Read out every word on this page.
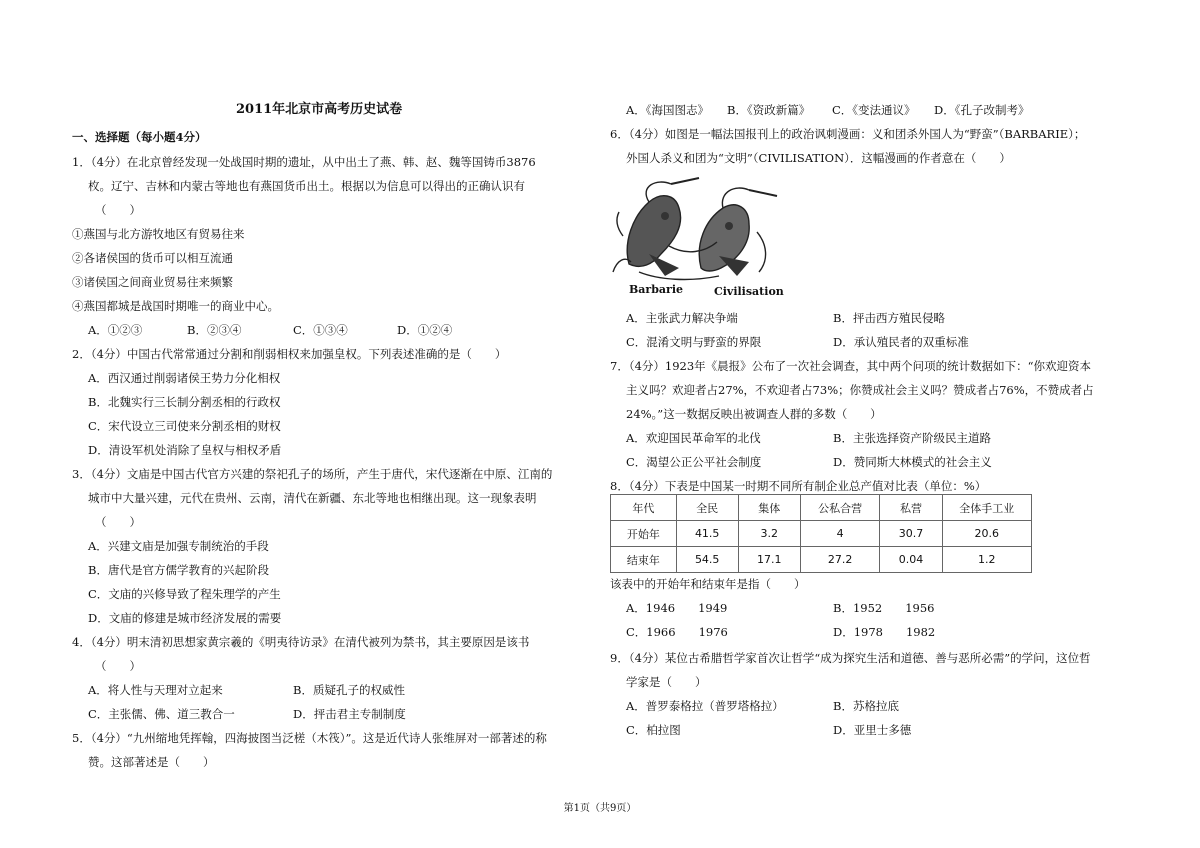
2011年北京市高考历史试卷
一、选择题（每小题4分）
1．（4分）在北京曾经发现一处战国时期的遗址，从中出土了燕、韩、赵、魏等国铸币3876
枚。辽宁、吉林和内蒙古等地也有燕国货币出土。根据以为信息可以得出的正确认识有
（　　）
①燕国与北方游牧地区有贸易往来
②各诸侯国的货币可以相互流通
③诸侯国之间商业贸易往来频繁
④燕国都城是战国时期唯一的商业中心。
A．①②③	B．②③④	C．①③④	D．①②④
2．（4分）中国古代常常通过分割和削弱相权来加强皇权。下列表述准确的是（　　）
A．西汉通过削弱诸侯王势力分化相权
B．北魏实行三长制分割丞相的行政权
C．宋代设立三司使来分割丞相的财权
D．清设军机处消除了皇权与相权矛盾
3．（4分）文庙是中国古代官方兴建的祭祀孔子的场所，产生于唐代，宋代逐渐在中原、江南的
城市中大量兴建，元代在贵州、云南，清代在新疆、东北等地也相继出现。这一现象表明
（　　）
A．兴建文庙是加强专制统治的手段
B．唐代是官方儒学教育的兴起阶段
C．文庙的兴修导致了程朱理学的产生
D．文庙的修建是城市经济发展的需要
4．（4分）明末清初思想家黄宗羲的《明夷待访录》在清代被列为禁书，其主要原因是该书
（　　）
A．将人性与天理对立起来	B．质疑孔子的权威性
C．主张儒、佛、道三教合一	D．抨击君主专制制度
5．（4分）“九州缩地凭挥翰，四海披图当泛槎（木筏）”。这是近代诗人张维屏对一部著述的称
赞。这部著述是（　　）
A．《海国图志》 B．《资政新篇》 C．《变法通议》 D．《孔子改制考》
6．（4分）如图是一幅法国报刊上的政治讽刺漫画：义和团杀外国人为“野蛮”（BARBARIE）；
外国人杀义和团为“文明”（CIVILISATION）．这幅漫画的作者意在（　　）
Barbarie	Civilisation
A．主张武力解决争端	B．抨击西方殖民侵略
C．混淆文明与野蛮的界限	D．承认殖民者的双重标准
7．（4分）1923年《晨报》公布了一次社会调查，其中两个问项的统计数据如下：“你欢迎资本
主义吗？欢迎者占27%，不欢迎者占73%；你赞成社会主义吗？赞成者占76%，不赞成者占
24%。”这一数据反映出被调查人群的多数（　　）
A．欢迎国民革命军的北伐	B．主张选择资产阶级民主道路
C．渴望公正公平社会制度	D．赞同斯大林模式的社会主义
8．（4分）下表是中国某一时期不同所有制企业总产值对比表（单位：%）
年代	全民	集体	公私合营	私营	全体手工业
开始年	41.5	3.2	4	30.7	20.6
结束年	54.5	17.1	27.2	0.04	1.2
该表中的开始年和结束年是指（　　）
A．1946　　1949	B．1952　　1956
C．1966　　1976	D．1978　　1982
9．（4分）某位古希腊哲学家首次让哲学“成为探究生活和道德、善与恶所必需”的学问，这位哲
学家是（　　）
A．普罗泰格拉（普罗塔格拉）	B．苏格拉底
C．柏拉图	D．亚里士多德
第1页（共9页）
